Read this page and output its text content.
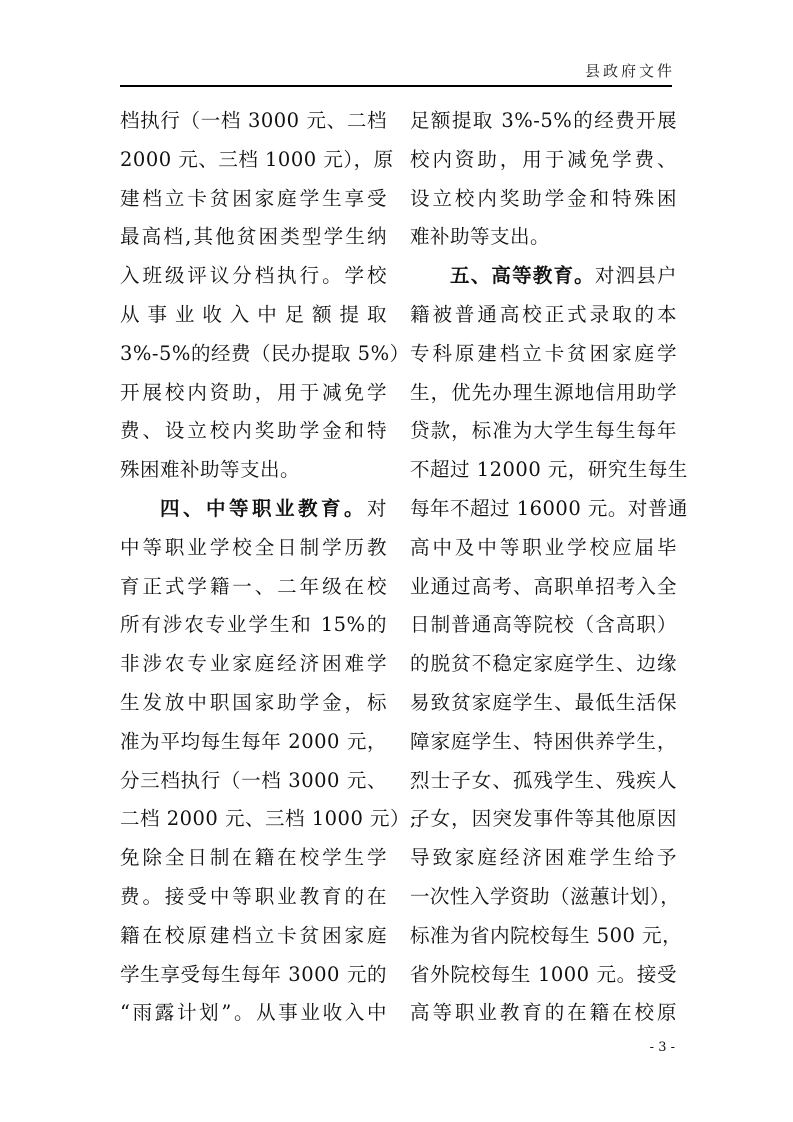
县政府文件
档执行（一档 3000 元、二档
2000 元、三档 1000 元），原
建档立卡贫困家庭学生享受
最高档,其他贫困类型学生纳
入班级评议分档执行。学校
从事业收入中足额提取
3%-5%的经费（民办提取 5%）
开展校内资助，用于减免学
费、设立校内奖助学金和特
殊困难补助等支出。
四、中等职业教育。对
中等职业学校全日制学历教
育正式学籍一、二年级在校
所有涉农专业学生和 15%的
非涉农专业家庭经济困难学
生发放中职国家助学金，标
准为平均每生每年 2000 元，
分三档执行（一档 3000 元、
二档 2000 元、三档 1000 元）;
免除全日制在籍在校学生学
费。接受中等职业教育的在
籍在校原建档立卡贫困家庭
学生享受每生每年 3000 元的
“雨露计划”。从事业收入中
足额提取 3%-5%的经费开展
校内资助，用于减免学费、
设立校内奖助学金和特殊困
难补助等支出。
五、高等教育。对泗县户
籍被普通高校正式录取的本
专科原建档立卡贫困家庭学
生，优先办理生源地信用助学
贷款，标准为大学生每生每年
不超过 12000 元，研究生每生
每年不超过 16000 元。对普通
高中及中等职业学校应届毕
业通过高考、高职单招考入全
日制普通高等院校（含高职）
的脱贫不稳定家庭学生、边缘
易致贫家庭学生、最低生活保
障家庭学生、特困供养学生，
烈士子女、孤残学生、残疾人
子女，因突发事件等其他原因
导致家庭经济困难学生给予
一次性入学资助（滋蕙计划），
标准为省内院校每生 500 元，
省外院校每生 1000 元。接受
高等职业教育的在籍在校原
- 3 -
